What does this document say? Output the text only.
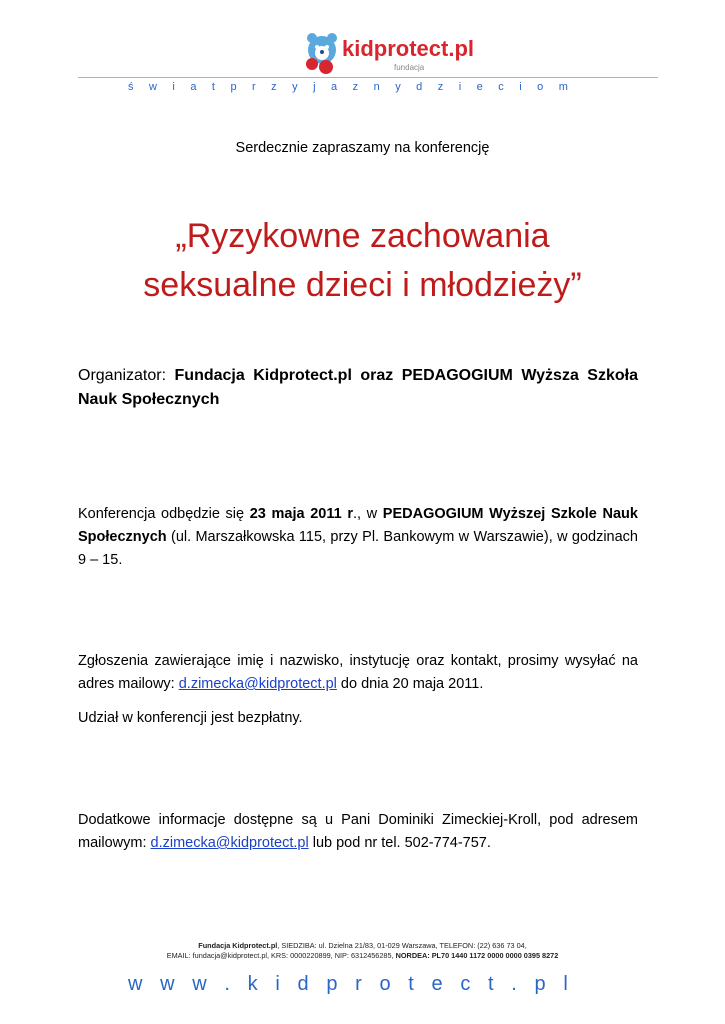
kidprotect.pl
fundacja
ś w i a t p r z y j a z n y d z i e c i o m
Serdecznie zapraszamy na konferencję
„Ryzykowne zachowania
seksualne dzieci i młodzieży”

Organizator: Fundacja Kidprotect.pl oraz PEDAGOGIUM Wyższa Szkoła Nauk Społecznych

Konferencja odbędzie się 23 maja 2011 r., w PEDAGOGIUM Wyższej Szkole Nauk Społecznych (ul. Marszałkowska 115, przy Pl. Bankowym w Warszawie), w godzinach 9 – 15.

Zgłoszenia zawierające imię i nazwisko, instytucję oraz kontakt, prosimy wysyłać na adres mailowy: d.zimecka@kidprotect.pl do dnia 20 maja 2011.

Udział w konferencji jest bezpłatny.

Dodatkowe informacje dostępne są u Pani Dominiki Zimeckiej-Kroll, pod adresem mailowym: d.zimecka@kidprotect.pl lub pod nr tel. 502-774-757.

Fundacja Kidprotect.pl, SIEDZIBA: ul. Dzielna 21/83, 01-029 Warszawa, TELEFON: (22) 636 73 04,
EMAIL: fundacja@kidprotect.pl, KRS: 0000220899, NIP: 6312456285, NORDEA: PL70 1440 1172 0000 0000 0395 8272
w w w . k i d p r o t e c t . p l
